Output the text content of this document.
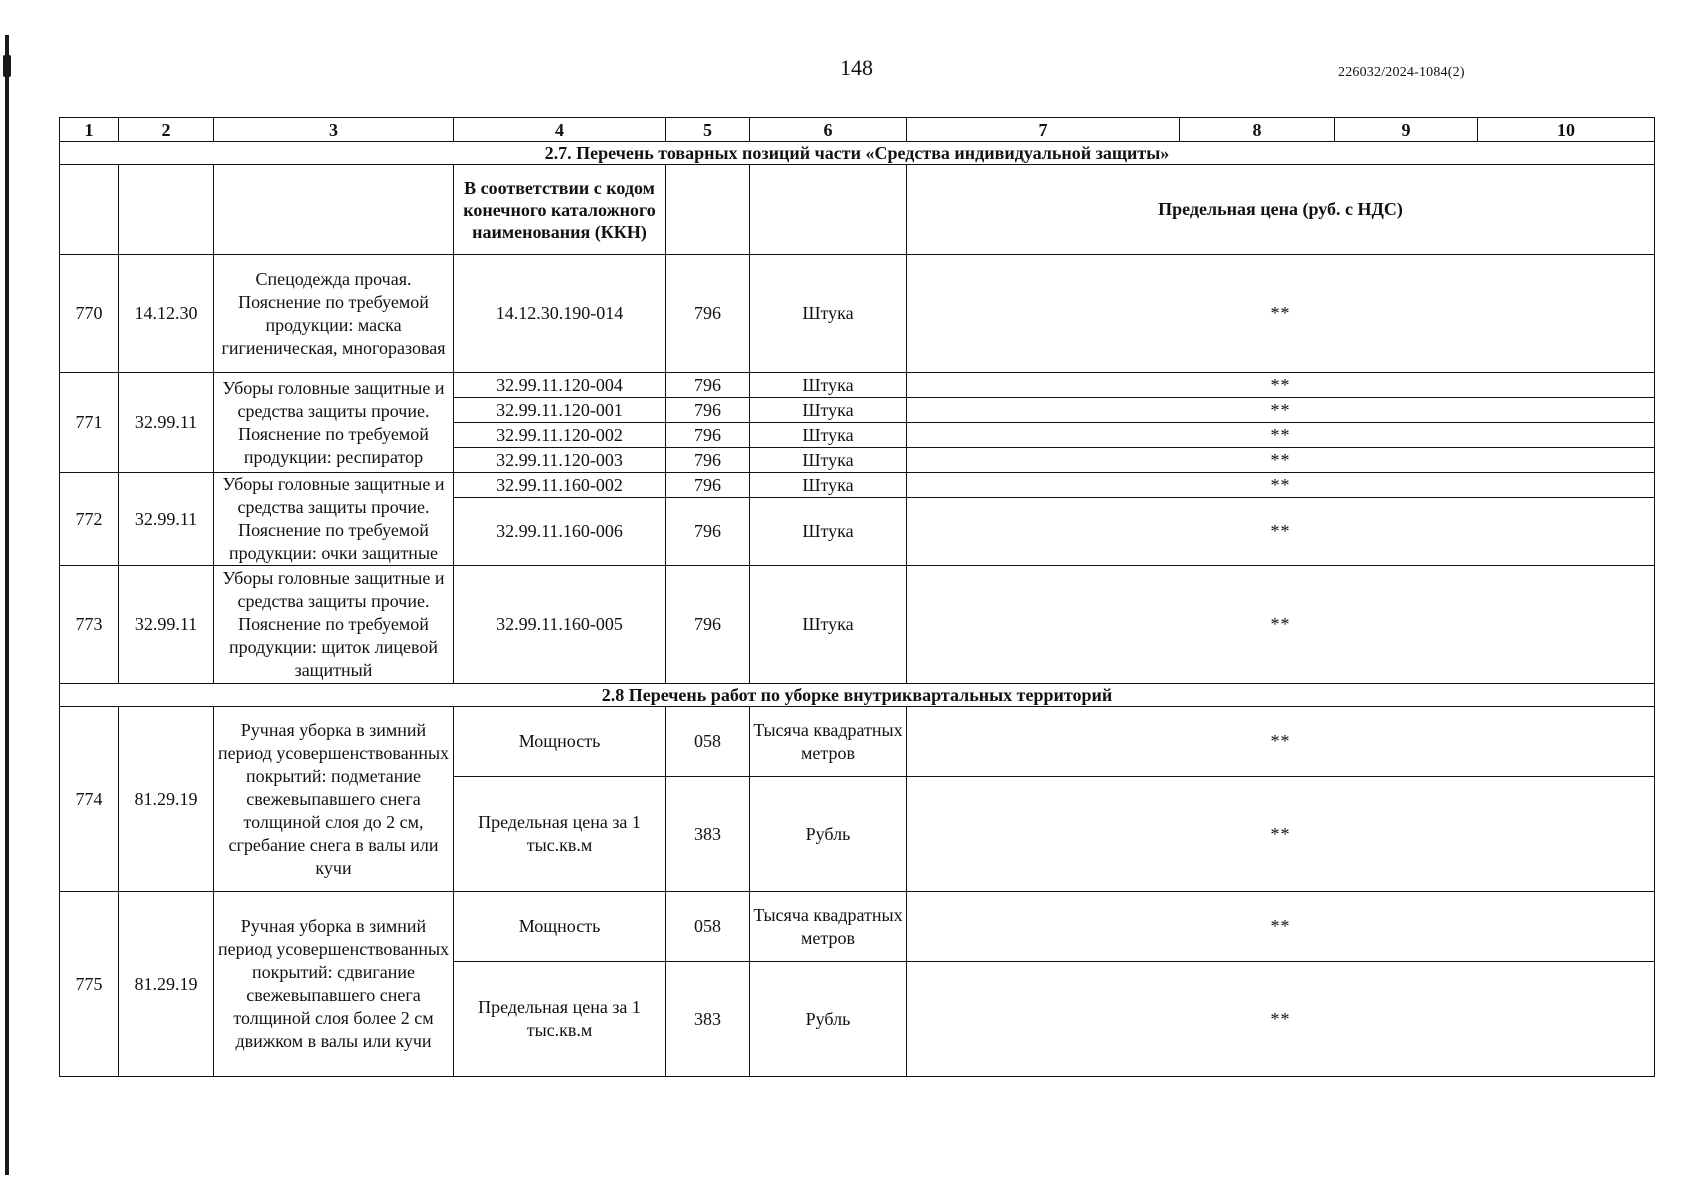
148	226032/2024-1084(2)
1	2	3	4	5	6	7	8	9	10
2.7. Перечень товарных позиций части «Средства индивидуальной защиты»									
			В соответствии с кодом конечного каталожного наименования (ККН)			Предельная цена (руб. с НДС)			
770	14.12.30	Спецодежда прочая. Пояснение по требуемой продукции: маска гигиеническая, многоразовая	14.12.30.190-014	796	Штука	**			
771	32.99.11	Уборы головные защитные и средства защиты прочие. Пояснение по требуемой продукции: респиратор	32.99.11.120-004	796	Штука	**			
			32.99.11.120-001	796	Штука	**			
			32.99.11.120-002	796	Штука	**			
			32.99.11.120-003	796	Штука	**			
772	32.99.11	Уборы головные защитные и средства защиты прочие. Пояснение по требуемой продукции: очки защитные	32.99.11.160-002	796	Штука	**			
			32.99.11.160-006	796	Штука	**			
773	32.99.11	Уборы головные защитные и средства защиты прочие. Пояснение по требуемой продукции: щиток лицевой защитный	32.99.11.160-005	796	Штука	**			
2.8 Перечень работ по уборке внутриквартальных территорий									
774	81.29.19	Ручная уборка в зимний период усовершенствованных покрытий: подметание свежевыпавшего снега толщиной слоя до 2 см, сгребание снега в валы или кучи	Мощность	058	Тысяча квадратных метров	**			
			Предельная цена за 1 тыс.кв.м	383	Рубль	**			
775	81.29.19	Ручная уборка в зимний период усовершенствованных покрытий: сдвигание свежевыпавшего снега толщиной слоя более 2 см движком в валы или кучи	Мощность	058	Тысяча квадратных метров	**			
			Предельная цена за 1 тыс.кв.м	383	Рубль	**			
